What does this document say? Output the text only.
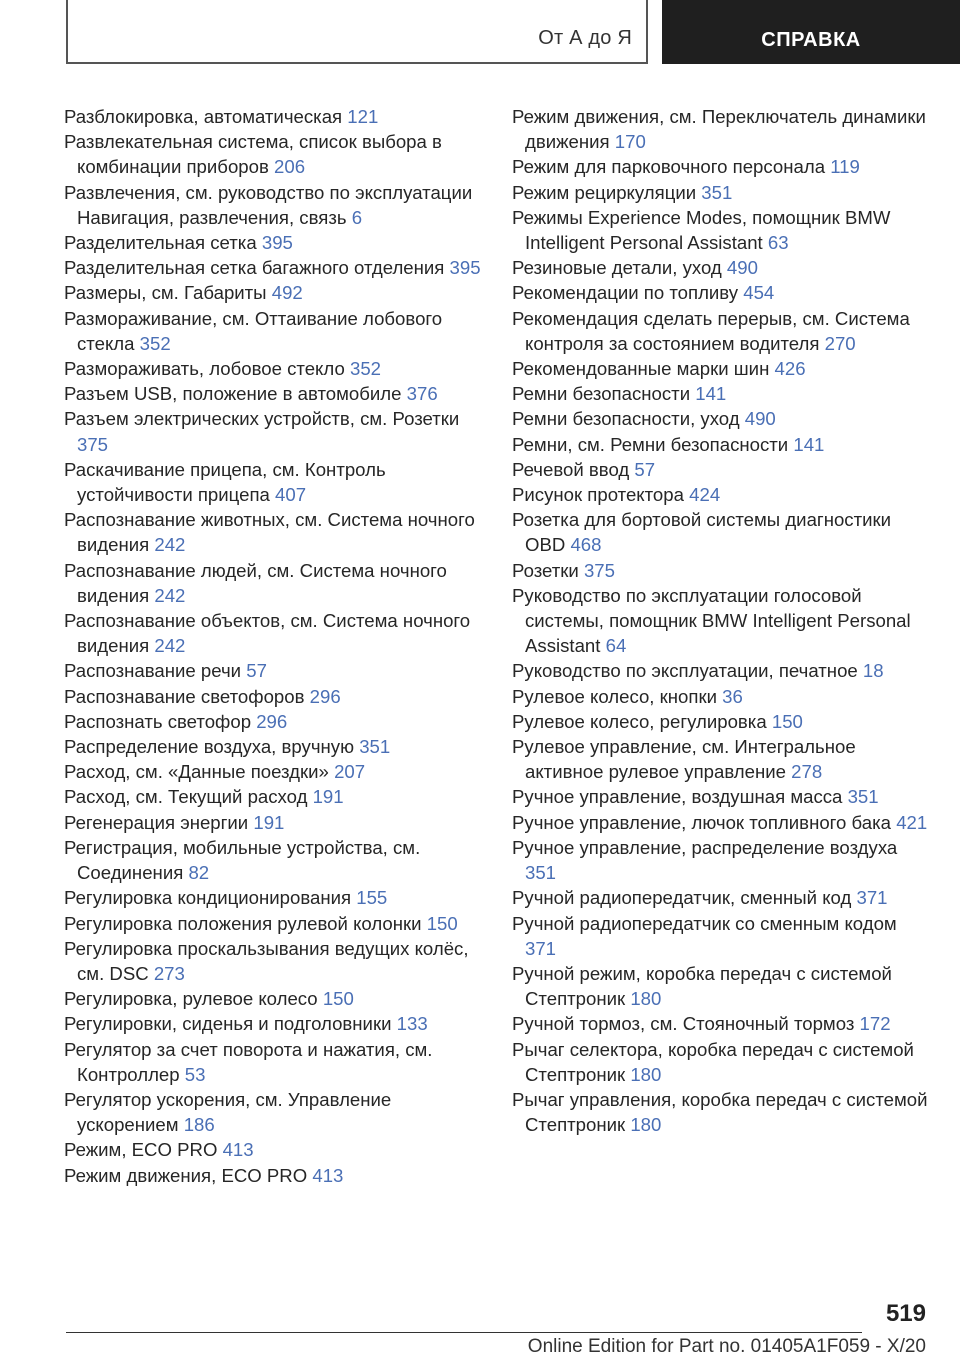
От А до Я	СПРАВКА
Разблокировка, автоматическая 121
Развлекательная система, список выбора в комбинации приборов 206
Развлечения, см. руководство по эксплуатации Навигация, развлечения, связь 6
Разделительная сетка 395
Разделительная сетка багажного отделения 395
Размеры, см. Габариты 492
Размораживание, см. Оттаивание лобового стекла 352
Размораживать, лобовое стекло 352
Разъем USB, положение в автомобиле 376
Разъем электрических устройств, см. Розетки 375
Раскачивание прицепа, см. Контроль устойчивости прицепа 407
Распознавание животных, см. Система ночного видения 242
Распознавание людей, см. Система ночного видения 242
Распознавание объектов, см. Система ночного видения 242
Распознавание речи 57
Распознавание светофоров 296
Распознать светофор 296
Распределение воздуха, вручную 351
Расход, см. «Данные поездки» 207
Расход, см. Текущий расход 191
Регенерация энергии 191
Регистрация, мобильные устройства, см. Соединения 82
Регулировка кондиционирования 155
Регулировка положения рулевой колонки 150
Регулировка проскальзывания ведущих колёс, см. DSC 273
Регулировка, рулевое колесо 150
Регулировки, сиденья и подголовники 133
Регулятор за счет поворота и нажатия, см. Контроллер 53
Регулятор ускорения, см. Управление ускорением 186
Режим, ECO PRO 413
Режим движения, ECO PRO 413
Режим движения, см. Переключатель динамики движения 170
Режим для парковочного персонала 119
Режим рециркуляции 351
Режимы Experience Modes, помощник BMW Intelligent Personal Assistant 63
Резиновые детали, уход 490
Рекомендации по топливу 454
Рекомендация сделать перерыв, см. Система контроля за состоянием водителя 270
Рекомендованные марки шин 426
Ремни безопасности 141
Ремни безопасности, уход 490
Ремни, см. Ремни безопасности 141
Речевой ввод 57
Рисунок протектора 424
Розетка для бортовой системы диагностики OBD 468
Розетки 375
Руководство по эксплуатации голосовой системы, помощник BMW Intelligent Personal Assistant 64
Руководство по эксплуатации, печатное 18
Рулевое колесо, кнопки 36
Рулевое колесо, регулировка 150
Рулевое управление, см. Интегральное активное рулевое управление 278
Ручное управление, воздушная масса 351
Ручное управление, лючок топливного бака 421
Ручное управление, распределение воздуха 351
Ручной радиопередатчик, сменный код 371
Ручной радиопередатчик со сменным кодом 371
Ручной режим, коробка передач с системой Стептроник 180
Ручной тормоз, см. Стояночный тормоз 172
Рычаг селектора, коробка передач с системой Стептроник 180
Рычаг управления, коробка передач с системой Стептроник 180
519
Online Edition for Part no. 01405A1F059 - X/20
